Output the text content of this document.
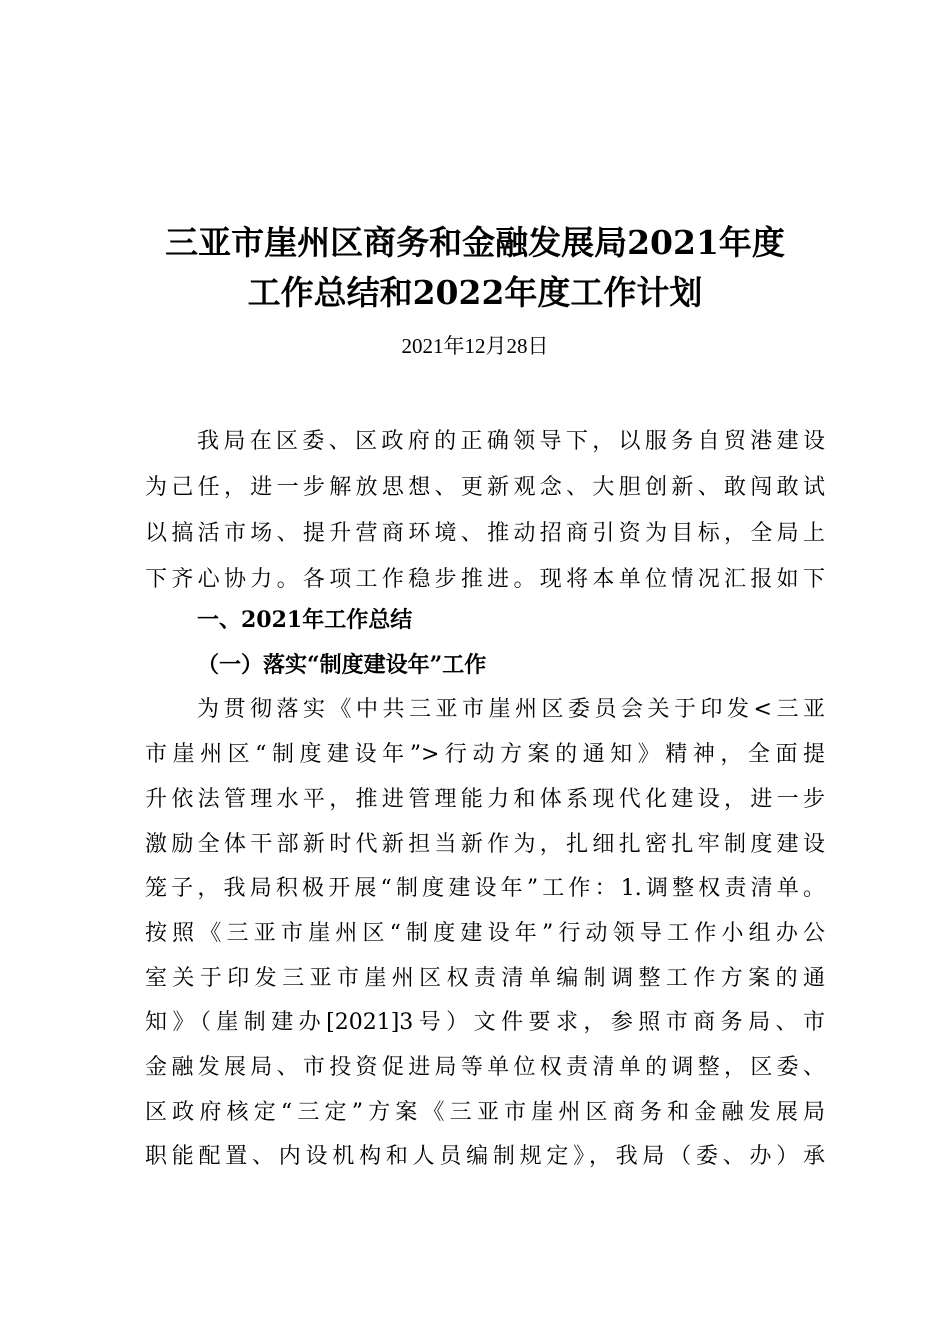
三亚市崖州区商务和金融发展局2021年度
工作总结和2022年度工作计划
2021年12月28日
我局在区委、区政府的正确领导下，以服务自贸港建设
为己任，进一步解放思想、更新观念、大胆创新、敢闯敢试
以搞活市场、提升营商环境、推动招商引资为目标，全局上
下齐心协力。各项工作稳步推进。现将本单位情况汇报如下
一、2021年工作总结
（一）落实“制度建设年”工作
为贯彻落实《中共三亚市崖州区委员会关于印发<三亚
市崖州区“制度建设年”>行动方案的通知》精神，全面提
升依法管理水平，推进管理能力和体系现代化建设，进一步
激励全体干部新时代新担当新作为，扎细扎密扎牢制度建设
笼子，我局积极开展“制度建设年”工作：1.调整权责清单。
按照《三亚市崖州区“制度建设年”行动领导工作小组办公
室关于印发三亚市崖州区权责清单编制调整工作方案的通
知》（崖制建办[2021]3号）文件要求，参照市商务局、市
金融发展局、市投资促进局等单位权责清单的调整，区委、
区政府核定“三定”方案《三亚市崖州区商务和金融发展局
职能配置、内设机构和人员编制规定》，我局（委、办）承
